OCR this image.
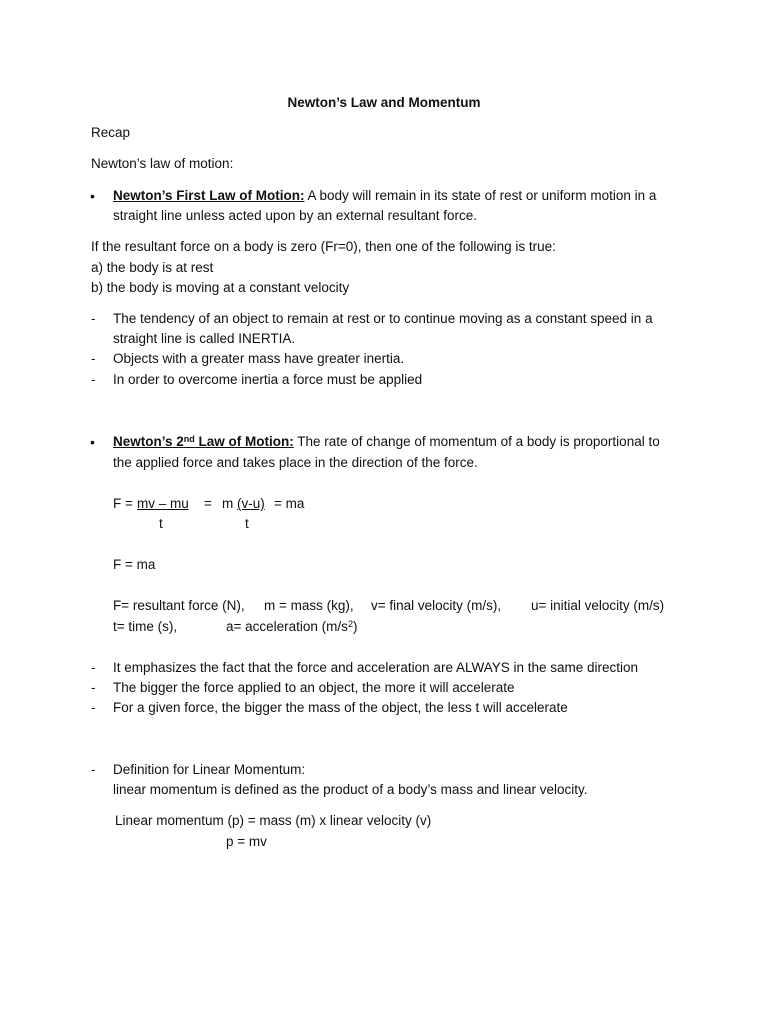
Newton’s Law and Momentum
Recap
Newton’s law of motion:
• Newton’s First Law of Motion: A body will remain in its state of rest or uniform motion in a
straight line unless acted upon by an external resultant force.
If the resultant force on a body is zero (Fr=0), then one of the following is true:
a) the body is at rest
b) the body is moving at a constant velocity
- The tendency of an object to remain at rest or to continue moving as a constant speed in a
straight line is called INERTIA.
- Objects with a greater mass have greater inertia.
- In order to overcome inertia a force must be applied
• Newton’s 2nd Law of Motion: The rate of change of momentum of a body is proportional to
the applied force and takes place in the direction of the force.
F = mv – mu = m (v-u) = ma
t	t
F = ma
F= resultant force (N), m = mass (kg), v= final velocity (m/s), u= initial velocity (m/s)
t= time (s),	a= acceleration $(m/s^2)$
- It emphasizes the fact that the force and acceleration are ALWAYS in the same direction
- The bigger the force applied to an object, the more it will accelerate
- For a given force, the bigger the mass of the object, the less t will accelerate
- Definition for Linear Momentum:
linear momentum is defined as the product of a body’s mass and linear velocity.
Linear momentum (p) = mass (m) x linear velocity (v)
p = mv
